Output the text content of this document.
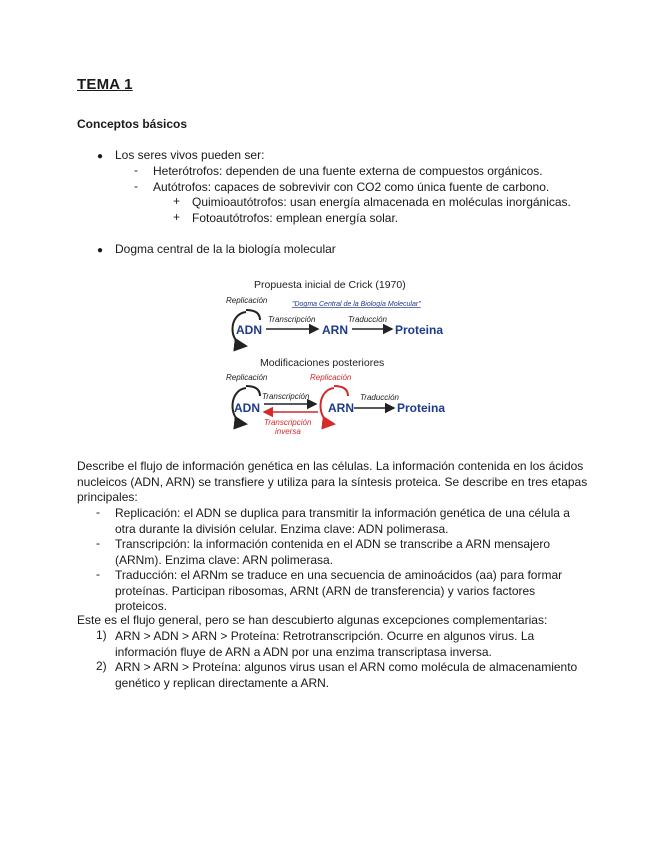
TEMA 1
Conceptos básicos
● Los seres vivos pueden ser:
- Heterótrofos: dependen de una fuente externa de compuestos orgánicos.
- Autótrofos: capaces de sobrevivir con CO2 como única fuente de carbono.
+ Quimioautótrofos: usan energía almacenada en moléculas inorgánicas.
+ Fotoautótrofos: emplean energía solar.
● Dogma central de la la biología molecular
Propuesta inicial de Crick (1970)
Replicación	"Dogma Central de la Biología Molecular"
ADN
Transcripción
ARN
Traducción
Proteina
Modificaciones posteriores
Replicación	Replicación
ADN	ARN
Transcripción
Transcripción
inversa
Traducción
Proteina
Describe el flujo de información genética en las células. La información contenida en los ácidos
nucleicos (ADN, ARN) se transfiere y utiliza para la síntesis proteica. Se describe en tres etapas
principales:
- Replicación: el ADN se duplica para transmitir la información genética de una célula a
otra durante la división celular. Enzima clave: ADN polimerasa.
- Transcripción: la información contenida en el ADN se transcribe a ARN mensajero
(ARNm). Enzima clave: ARN polimerasa.
- Traducción: el ARNm se traduce en una secuencia de aminoácidos (aa) para formar
proteínas. Participan ribosomas, ARNt (ARN de transferencia) y varios factores
proteicos.
Este es el flujo general, pero se han descubierto algunas excepciones complementarias:
1) ARN > ADN > ARN > Proteína: Retrotranscripción. Ocurre en algunos virus. La
información fluye de ARN a ADN por una enzima transcriptasa inversa.
2) ARN > ARN > Proteína: algunos virus usan el ARN como molécula de almacenamiento
genético y replican directamente a ARN.
